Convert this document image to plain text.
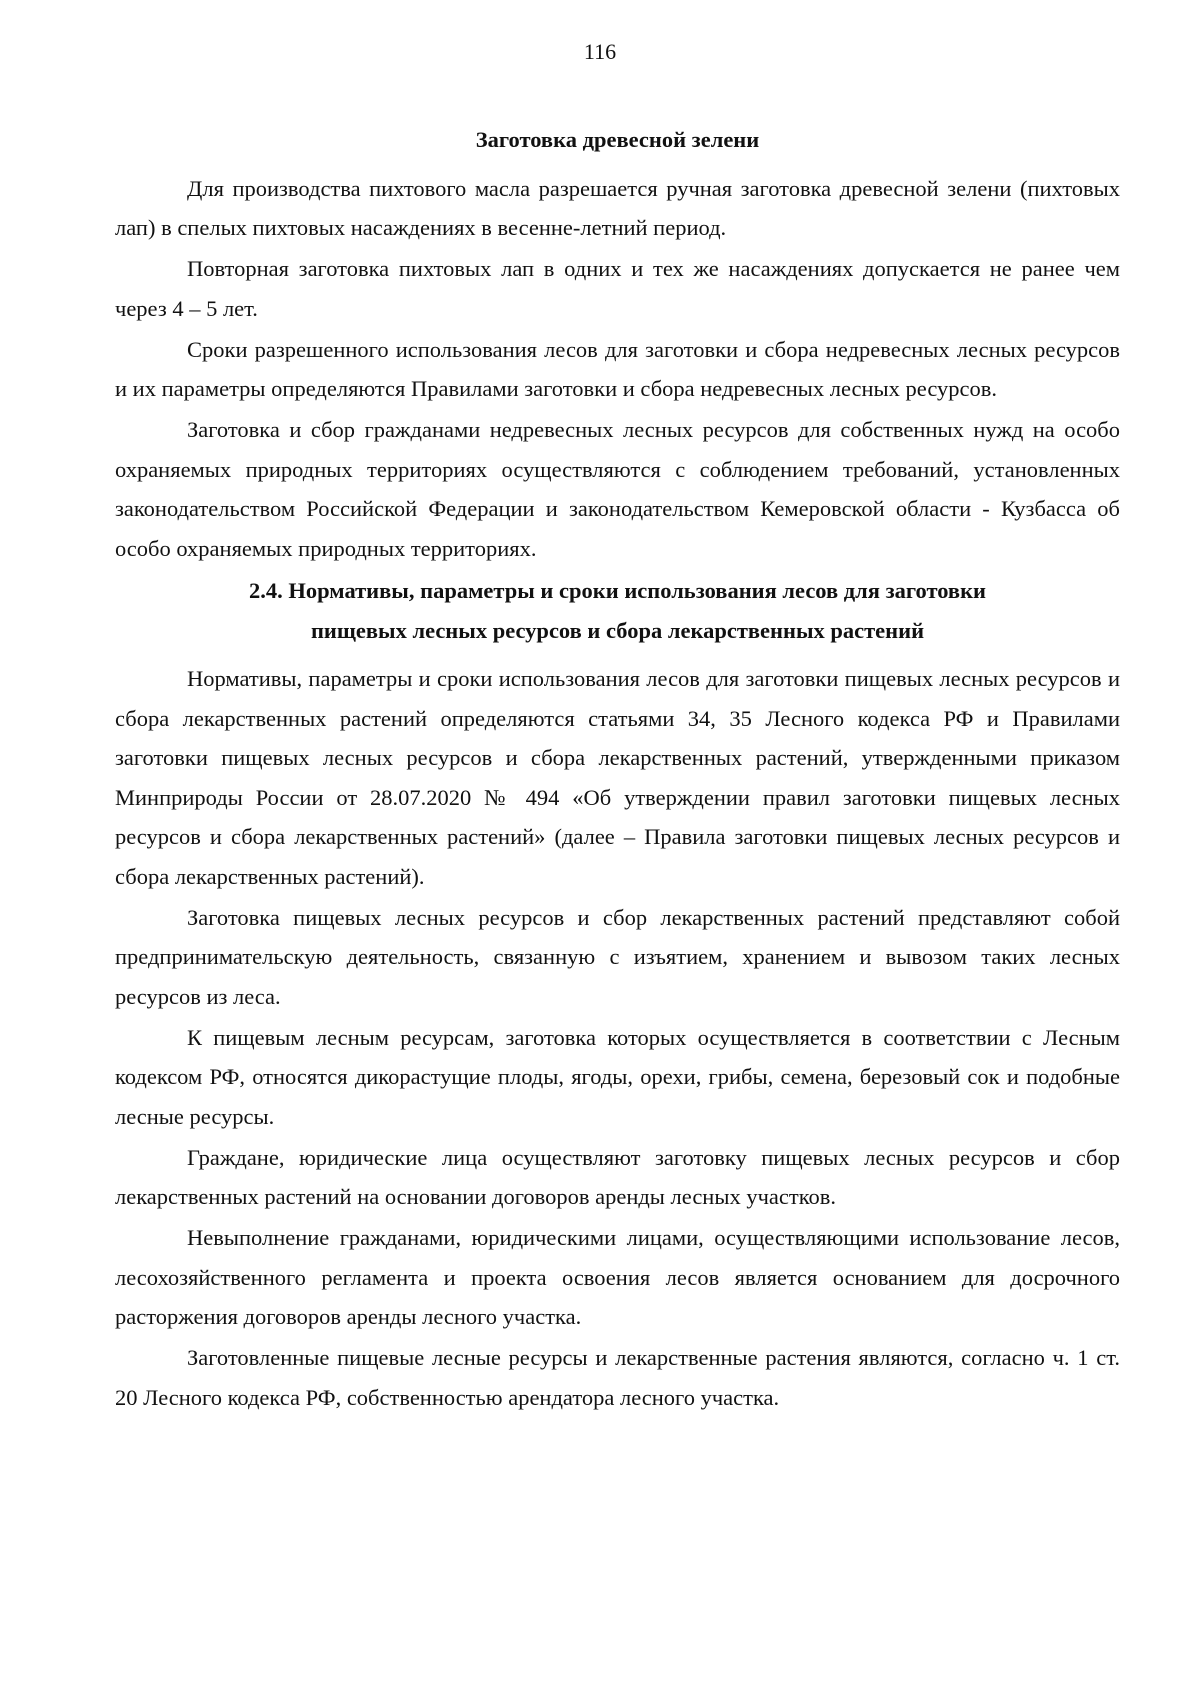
116

Заготовка древесной зелени

Для производства пихтового масла разрешается ручная заготовка древесной зелени (пихтовых лап) в спелых пихтовых насаждениях в весенне-летний период.

Повторная заготовка пихтовых лап в одних и тех же насаждениях допускается не ранее чем через 4 – 5 лет.

Сроки разрешенного использования лесов для заготовки и сбора недревесных лесных ресурсов и их параметры определяются Правилами заготовки и сбора недревесных лесных ресурсов.

Заготовка и сбор гражданами недревесных лесных ресурсов для собственных нужд на особо охраняемых природных территориях осуществляются с соблюдением требований, установленных законодательством Российской Федерации и законодательством Кемеровской области - Кузбасса об особо охраняемых природных территориях.

2.4. Нормативы, параметры и сроки использования лесов для заготовки
пищевых лесных ресурсов и сбора лекарственных растений

Нормативы, параметры и сроки использования лесов для заготовки пищевых лесных ресурсов и сбора лекарственных растений определяются статьями 34, 35 Лесного кодекса РФ и Правилами заготовки пищевых лесных ресурсов и сбора лекарственных растений, утвержденными приказом Минприроды России от 28.07.2020 № 494 «Об утверждении правил заготовки пищевых лесных ресурсов и сбора лекарственных растений» (далее – Правила заготовки пищевых лесных ресурсов и сбора лекарственных растений).

Заготовка пищевых лесных ресурсов и сбор лекарственных растений представляют собой предпринимательскую деятельность, связанную с изъятием, хранением и вывозом таких лесных ресурсов из леса.

К пищевым лесным ресурсам, заготовка которых осуществляется в соответствии с Лесным кодексом РФ, относятся дикорастущие плоды, ягоды, орехи, грибы, семена, березовый сок и подобные лесные ресурсы.

Граждане, юридические лица осуществляют заготовку пищевых лесных ресурсов и сбор лекарственных растений на основании договоров аренды лесных участков.

Невыполнение гражданами, юридическими лицами, осуществляющими использование лесов, лесохозяйственного регламента и проекта освоения лесов является основанием для досрочного расторжения договоров аренды лесного участка.

Заготовленные пищевые лесные ресурсы и лекарственные растения являются, согласно ч. 1 ст. 20 Лесного кодекса РФ, собственностью арендатора лесного участка.
